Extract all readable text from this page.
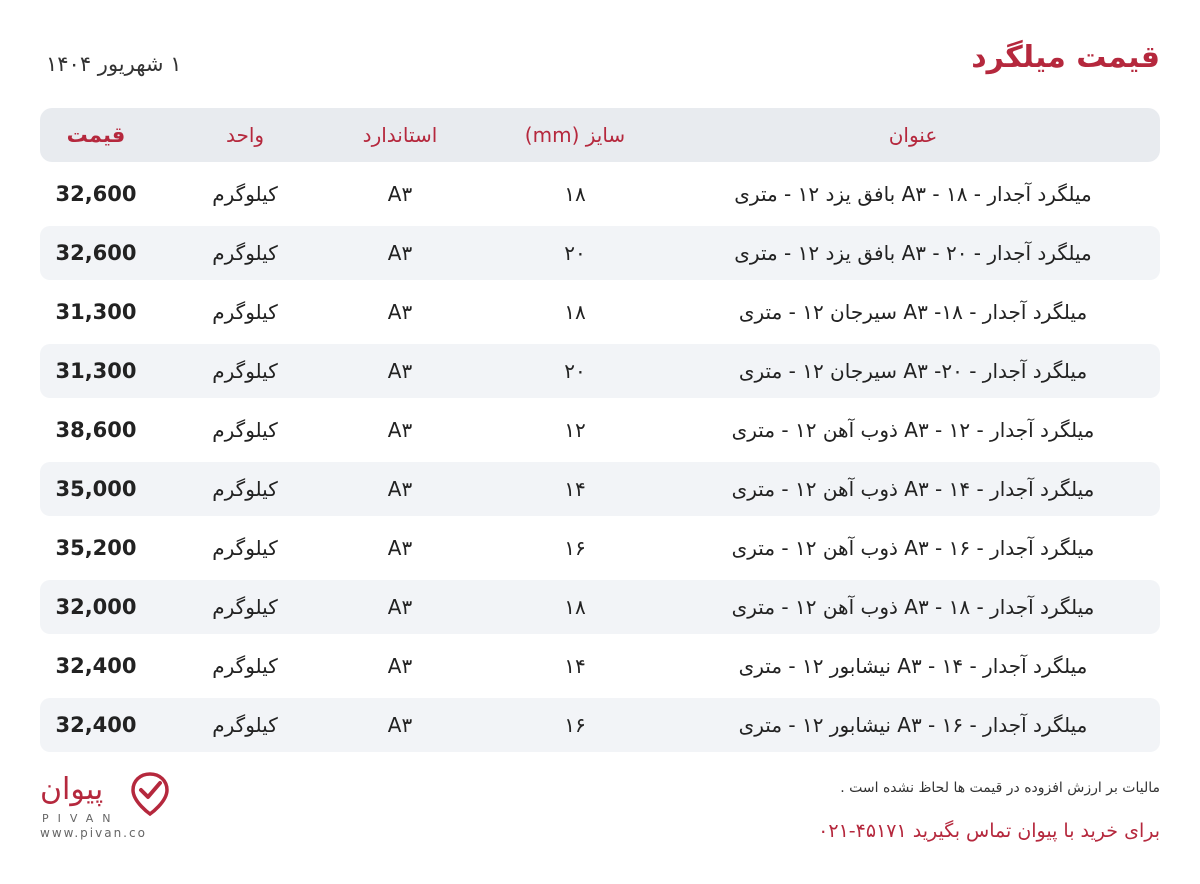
قیمت میلگرد
۱ شهریور ۱۴۰۴
عنوان
سایز (mm)
استاندارد
واحد
قیمت
میلگرد آجدار - A۳ - ۱۸ بافق یزد ۱۲ - متری
۱۸
A۳
کیلوگرم
32,600
میلگرد آجدار - A۳ - ۲۰ بافق یزد ۱۲ - متری
۲۰
A۳
کیلوگرم
32,600
میلگرد آجدار - A۳ -۱۸ سیرجان ۱۲ - متری
۱۸
A۳
کیلوگرم
31,300
میلگرد آجدار - A۳ -۲۰ سیرجان ۱۲ - متری
۲۰
A۳
کیلوگرم
31,300
میلگرد آجدار - A۳ - ۱۲ ذوب آهن ۱۲ - متری
۱۲
A۳
کیلوگرم
38,600
میلگرد آجدار - A۳ - ۱۴ ذوب آهن ۱۲ - متری
۱۴
A۳
کیلوگرم
35,000
میلگرد آجدار - A۳ - ۱۶ ذوب آهن ۱۲ - متری
۱۶
A۳
کیلوگرم
35,200
میلگرد آجدار - A۳ - ۱۸ ذوب آهن ۱۲ - متری
۱۸
A۳
کیلوگرم
32,000
میلگرد آجدار - A۳ - ۱۴ نیشابور ۱۲ - متری
۱۴
A۳
کیلوگرم
32,400
میلگرد آجدار - A۳ - ۱۶ نیشابور ۱۲ - متری
۱۶
A۳
کیلوگرم
32,400
پیوان
PIVAN
www.pivan.co
مالیات بر ارزش افزوده در قیمت ها لحاظ نشده است .
برای خرید با پیوان تماس بگیرید ۴۵۱۷۱-۰۲۱
